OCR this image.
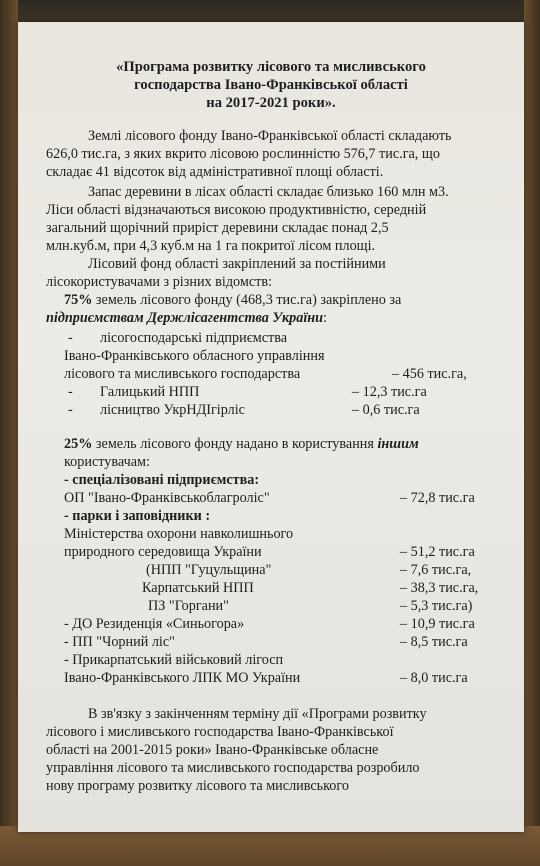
«Програма розвитку лісового та мисливського
господарства Івано-Франківської області
на 2017-2021 роки».
Землі лісового фонду Івано-Франківської області складають
626,0 тис.га, з яких вкрито лісовою рослинністю 576,7 тис.га, що
складає 41 відсоток від адміністративної площі області.
Запас деревини в лісах області складає близько 160 млн м3.
Ліси області відзначаються високою продуктивністю, середній
загальний щорічний приріст деревини складає понад 2,5
млн.куб.м, при 4,3 куб.м на 1 га покритої лісом площі.
Лісовий фонд області закріплений за постійними
лісокористувачами з різних відомств:
75% земель лісового фонду (468,3 тис.га) закріплено за
підприємствам Держлісагентства України:
- лісогосподарські підприємства
Івано-Франківського обласного управління
лісового та мисливського господарства	– 456 тис.га,
- Галицький НПП	– 12,3 тис.га
- лісництво УкрНДІгірліс	– 0,6 тис.га
25% земель лісового фонду надано в користування іншим
користувачам:
- спеціалізовані підприємства:
ОП "Івано-Франківськоблагроліс"	– 72,8 тис.га
- парки і заповідники :
Міністерства охорони навколишнього
природного середовища України	– 51,2 тис.га
(НПП "Гуцульщина"	– 7,6 тис.га,
Карпатський НПП	– 38,3 тис.га,
ПЗ "Горгани"	– 5,3 тис.га)
- ДО Резиденція «Синьогора»	– 10,9 тис.га
- ПП "Чорний ліс"	– 8,5 тис.га
- Прикарпатський військовий лігосп
Івано-Франківського ЛПК МО України	– 8,0 тис.га
В зв'язку з закінченням терміну дії «Програми розвитку
лісового і мисливського господарства Івано-Франківської
області на 2001-2015 роки» Івано-Франківське обласне
управління лісового та мисливського господарства розробило
нову програму розвитку лісового та мисливського
